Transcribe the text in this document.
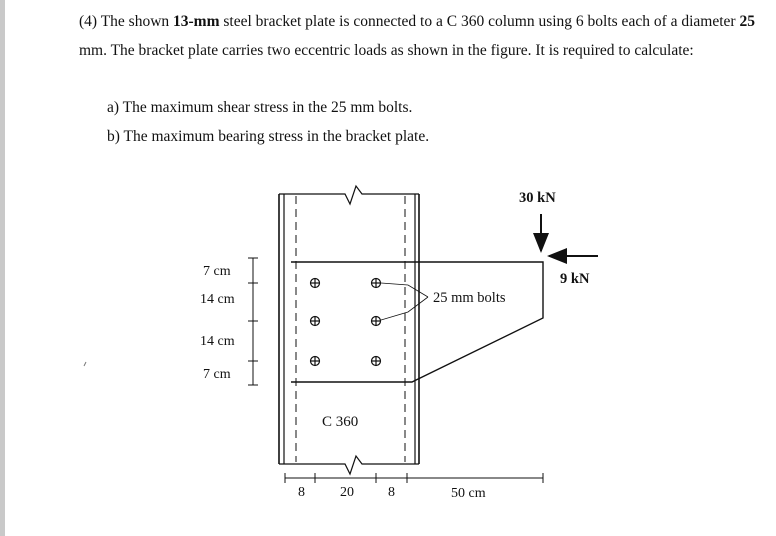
(4) The shown 13-mm steel bracket plate is connected to a C 360 column using 6 bolts each of a diameter 25 mm. The bracket plate carries two eccentric loads as shown in the figure. It is required to calculate:

a) The maximum shear stress in the 25 mm bolts.
b) The maximum bearing stress in the bracket plate.
25 mm bolts
30 kN
9 kN
7 cm
14 cm
14 cm
7 cm
C 360
8	20 8	50 cm
